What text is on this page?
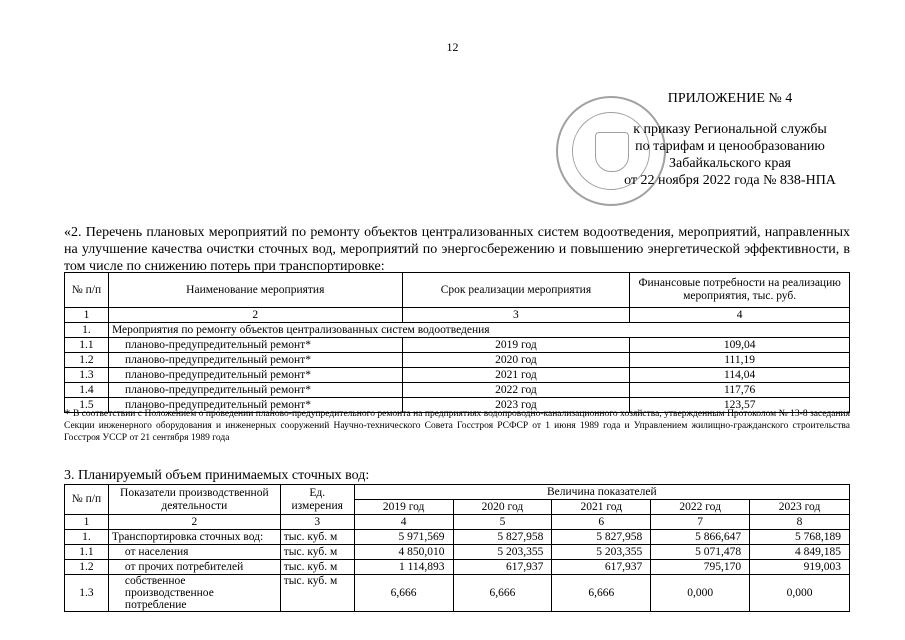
12
ПРИЛОЖЕНИЕ № 4
к приказу Региональной службы
по тарифам и ценообразованию
Забайкальского края
от 22 ноября 2022 года № 838-НПА
«2. Перечень плановых мероприятий по ремонту объектов централизованных систем водоотведения, мероприятий, направленных на улучшение качества очистки сточных вод, мероприятий по энергосбережению и повышению энергетической эффективности, в том числе по снижению потерь при транспортировке:
№ п/п	Наименование мероприятия	Срок реализации мероприятия	Финансовые потребности на реализацию мероприятия, тыс. руб.
1	2	3	4
1.	Мероприятия по ремонту объектов централизованных систем водоотведения		
1.1	планово-предупредительный ремонт*	2019 год	109,04
1.2	планово-предупредительный ремонт*	2020 год	111,19
1.3	планово-предупредительный ремонт*	2021 год	114,04
1.4	планово-предупредительный ремонт*	2022 год	117,76
1.5	планово-предупредительный ремонт*	2023 год	123,57
* В соответствии с Положением о проведении планово-предупредительного ремонта на предприятиях водопроводно-канализационного хозяйства, утвержденным Протоколом № 13-8 заседания Секции инженерного оборудования и инженерных сооружений Научно-технического Совета Госстроя РСФСР от 1 июня 1989 года и Управлением жилищно-гражданского строительства Госстроя УССР от 21 сентября 1989 года
3. Планируемый объем принимаемых сточных вод:
№ п/п	Показатели производственной деятельности	Ед. измерения	Величина показателей				
			2019 год	2020 год	2021 год	2022 год	2023 год
1	2	3	4	5	6	7	8
1.	Транспортировка сточных вод:	тыс. куб. м	5 971,569	5 827,958	5 827,958	5 866,647	5 768,189
1.1	от населения	тыс. куб. м	4 850,010	5 203,355	5 203,355	5 071,478	4 849,185
1.2	от прочих потребителей	тыс. куб. м	1 114,893	617,937	617,937	795,170	919,003
1.3	собственное производственное потребление	тыс. куб. м	6,666	6,666	6,666	0,000	0,000
